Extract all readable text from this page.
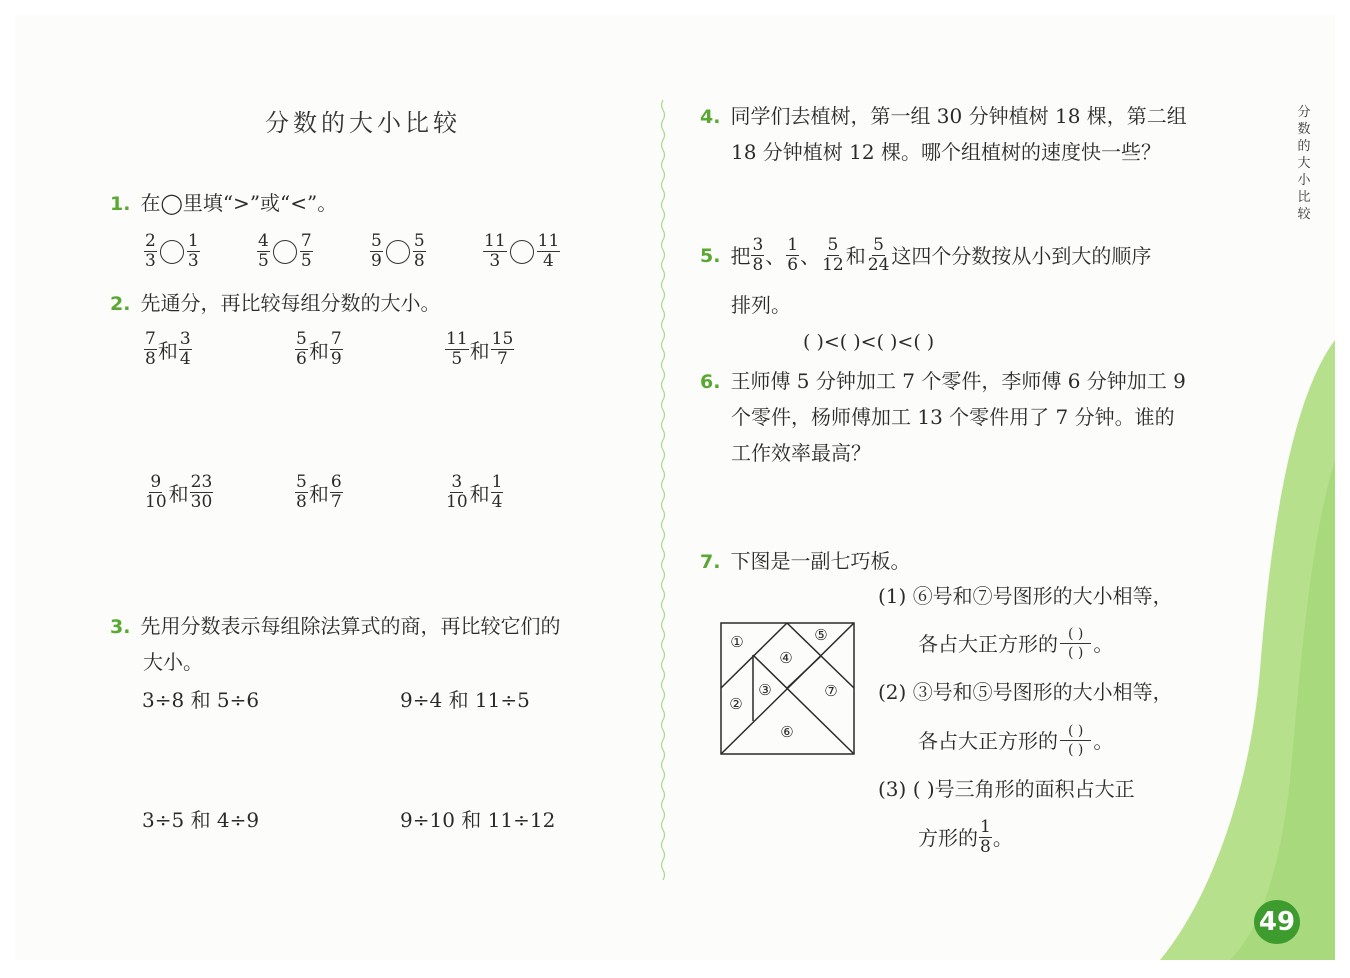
分数的大小比较	分数的大小比较
49
1. 在◯里填“>”或“<”。
$\frac{2}{3} \frac{1}{3}$	$\frac{4}{5} \frac{7}{5}$	$\frac{5}{9} \frac{5}{8}$	$\frac{11}{3} \frac{11}{4}$
2. 先通分，再比较每组分数的大小。
$\frac{7}{8}$ 和 $\frac{3}{4}$	$\frac{5}{6}$ 和 $\frac{7}{9}$	$\frac{11}{5}$ 和 $\frac{15}{7}$
$\frac{9}{10}$ 和 $\frac{23}{30}$	$\frac{5}{8}$ 和 $\frac{6}{7}$	$\frac{3}{10}$ 和 $\frac{1}{4}$
3. 先用分数表示每组除法算式的商，再比较它们的
大小。
3÷8 和 5÷6	9÷4 和 11÷5
3÷5 和 4÷9	9÷10 和 11÷12
4. 同学们去植树，第一组 30 分钟植树 18 棵，第二组
18 分钟植树 12 棵。哪个组植树的速度快一些？
5. 把 $\frac{3}{8}$ 、 $\frac{1}{6}$ 、 $\frac{5}{12}$ 和 $\frac{5}{24}$ 这四个分数按从小到大的顺序
排列。
( )<( )<( )<( )
6. 王师傅 5 分钟加工 7 个零件，李师傅 6 分钟加工 9
个零件，杨师傅加工 13 个零件用了 7 分钟。谁的
工作效率最高？
7. 下图是一副七巧板。
①
②
③
④
⑤
⑥
⑦
(1) ⑥号和⑦号图形的大小相等，
各占大正方形的 ( )
( ) 。
(2) ③号和⑤号图形的大小相等，
各占大正方形的 ( )
( ) 。
(3) ( )号三角形的面积占大正
方形的 $\frac{1}{8}$ 。
